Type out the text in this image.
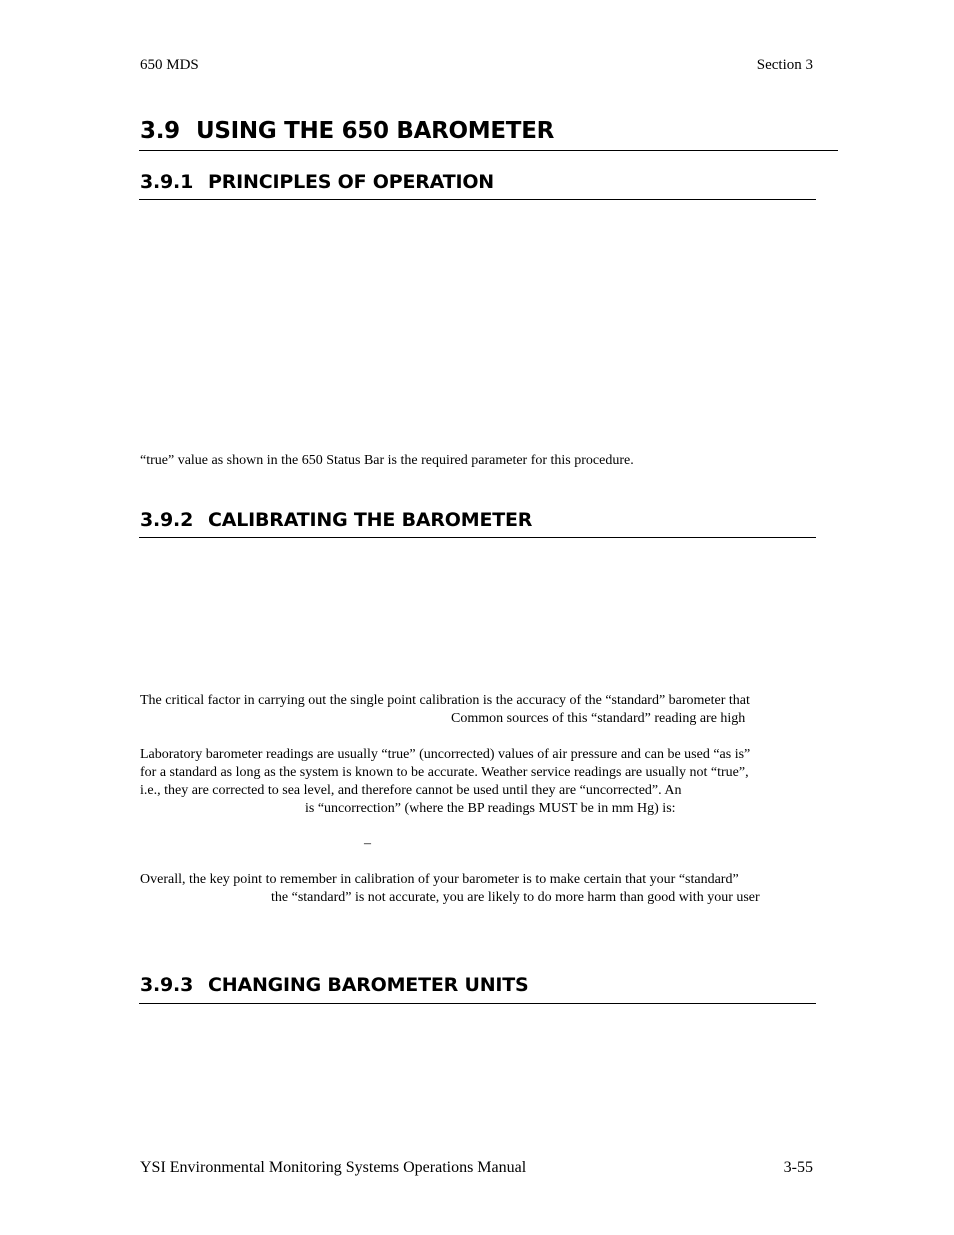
650 MDS	Section 3
3.9 USING THE 650 BAROMETER
3.9.1 PRINCIPLES OF OPERATION
“true” value as shown in the 650 Status Bar is the required parameter for this procedure.
3.9.2 CALIBRATING THE BAROMETER
The critical factor in carrying out the single point calibration is the accuracy of the “standard” barometer that
Common sources of this “standard” reading are high
Laboratory barometer readings are usually “true” (uncorrected) values of air pressure and can be used “as is”
for a standard as long as the system is known to be accurate. Weather service readings are usually not “true”,
i.e., they are corrected to sea level, and therefore cannot be used until they are “uncorrected”. An
is “uncorrection” (where the BP readings MUST be in mm Hg) is:
–
Overall, the key point to remember in calibration of your barometer is to make certain that your “standard”
the “standard” is not accurate, you are likely to do more harm than good with your user
3.9.3 CHANGING BAROMETER UNITS
YSI Environmental Monitoring Systems Operations Manual	3-55
